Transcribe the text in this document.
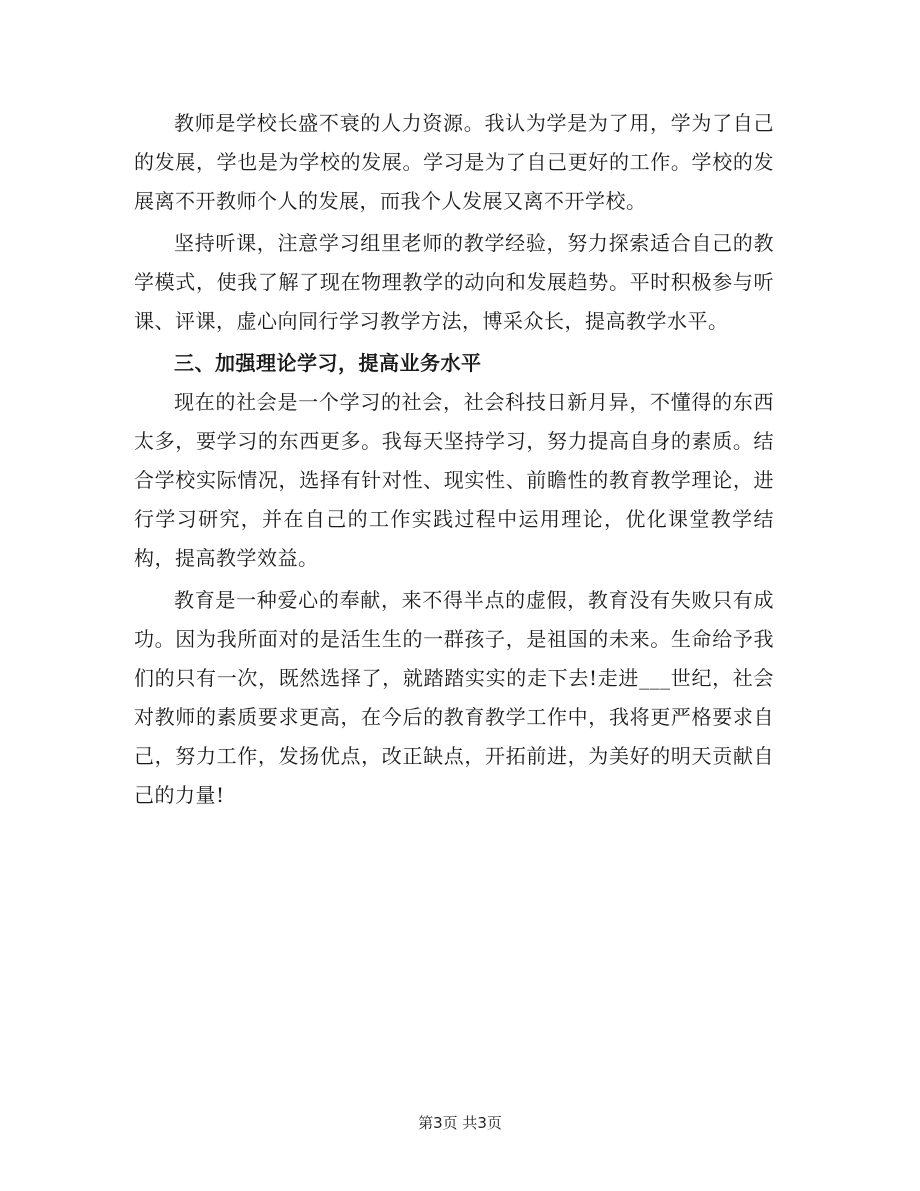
教师是学校长盛不衰的人力资源。我认为学是为了用，学为了自己的发展，学也是为学校的发展。学习是为了自己更好的工作。学校的发展离不开教师个人的发展，而我个人发展又离不开学校。

坚持听课，注意学习组里老师的教学经验，努力探索适合自己的教学模式，使我了解了现在物理教学的动向和发展趋势。平时积极参与听课、评课，虚心向同行学习教学方法，博采众长，提高教学水平。

三、加强理论学习，提高业务水平

现在的社会是一个学习的社会，社会科技日新月异，不懂得的东西太多，要学习的东西更多。我每天坚持学习，努力提高自身的素质。结合学校实际情况，选择有针对性、现实性、前瞻性的教育教学理论，进行学习研究，并在自己的工作实践过程中运用理论，优化课堂教学结构，提高教学效益。

教育是一种爱心的奉献，来不得半点的虚假，教育没有失败只有成功。因为我所面对的是活生生的一群孩子，是祖国的未来。生命给予我们的只有一次，既然选择了，就踏踏实实的走下去!走进___世纪，社会对教师的素质要求更高，在今后的教育教学工作中，我将更严格要求自己，努力工作，发扬优点，改正缺点，开拓前进，为美好的明天贡献自己的力量!

第3页 共3页
